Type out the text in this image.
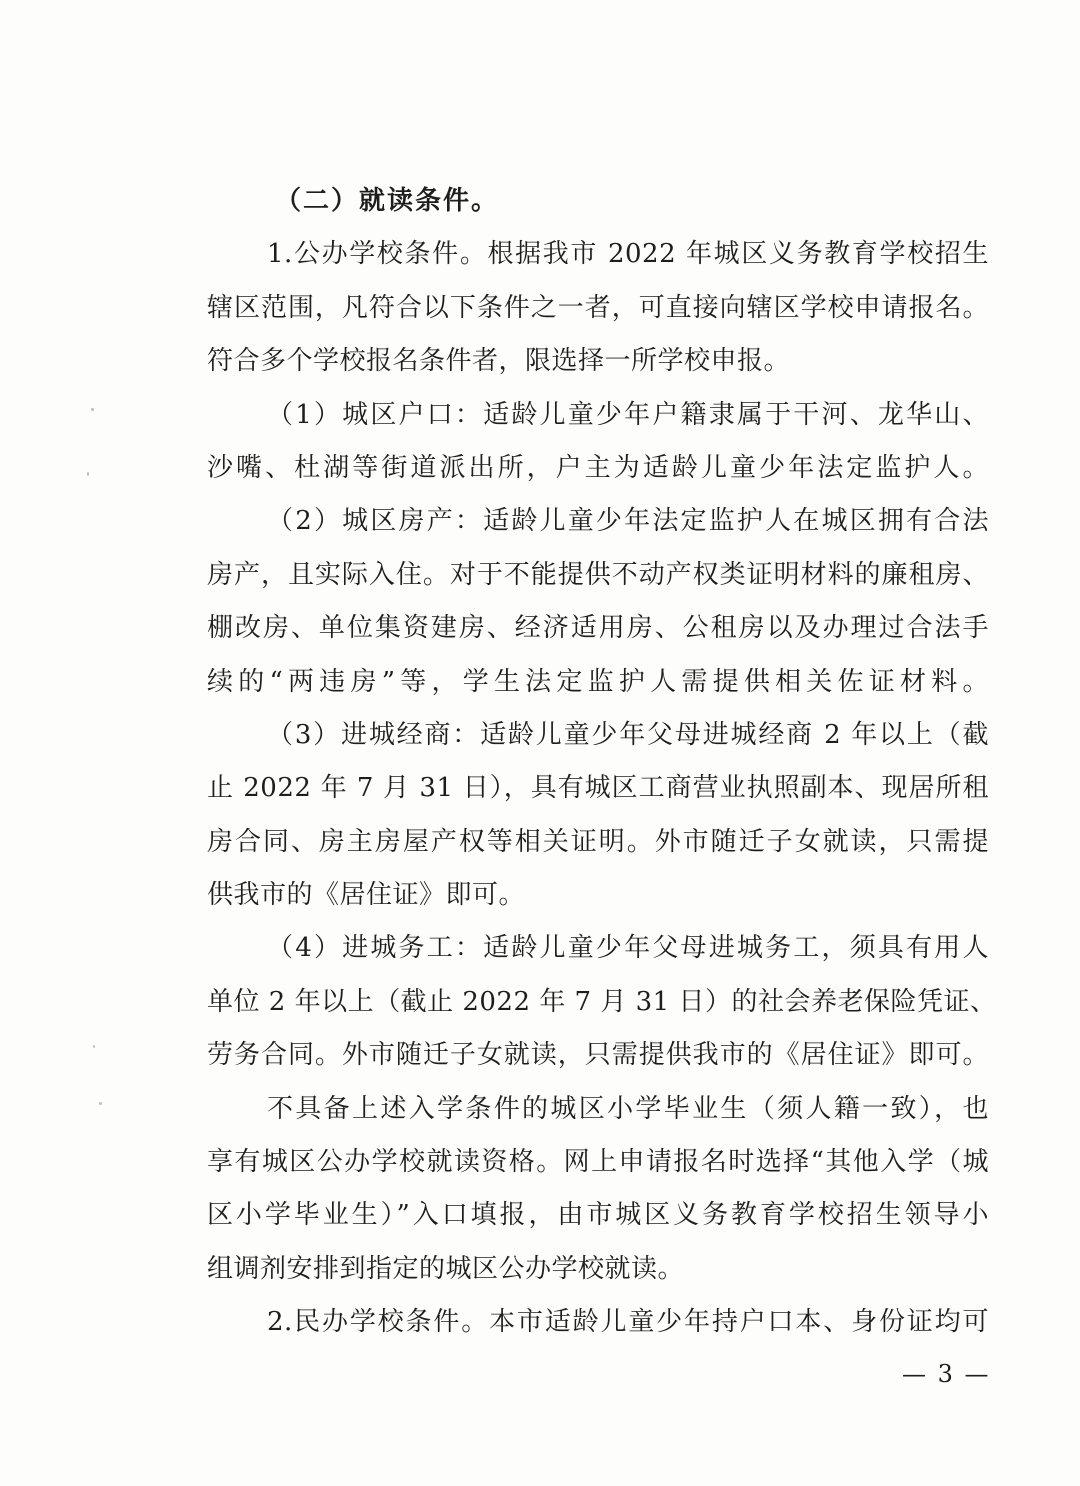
（二）就读条件。
1.公办学校条件。根据我市 2022 年城区义务教育学校招生
辖区范围，凡符合以下条件之一者，可直接向辖区学校申请报名。
符合多个学校报名条件者，限选择一所学校申报。
（1）城区户口：适龄儿童少年户籍隶属于干河、龙华山、
沙嘴、杜湖等街道派出所，户主为适龄儿童少年法定监护人。
（2）城区房产：适龄儿童少年法定监护人在城区拥有合法
房产，且实际入住。对于不能提供不动产权类证明材料的廉租房、
棚改房、单位集资建房、经济适用房、公租房以及办理过合法手
续的“两违房”等，学生法定监护人需提供相关佐证材料。
（3）进城经商：适龄儿童少年父母进城经商 2 年以上（截
止 2022 年 7 月 31 日），具有城区工商营业执照副本、现居所租
房合同、房主房屋产权等相关证明。外市随迁子女就读，只需提
供我市的《居住证》即可。
（4）进城务工：适龄儿童少年父母进城务工，须具有用人
单位 2 年以上（截止 2022 年 7 月 31 日）的社会养老保险凭证、
劳务合同。外市随迁子女就读，只需提供我市的《居住证》即可。
不具备上述入学条件的城区小学毕业生（须人籍一致），也
享有城区公办学校就读资格。网上申请报名时选择“其他入学（城
区小学毕业生）”入口填报，由市城区义务教育学校招生领导小
组调剂安排到指定的城区公办学校就读。
2.民办学校条件。本市适龄儿童少年持户口本、身份证均可
— 3 —
